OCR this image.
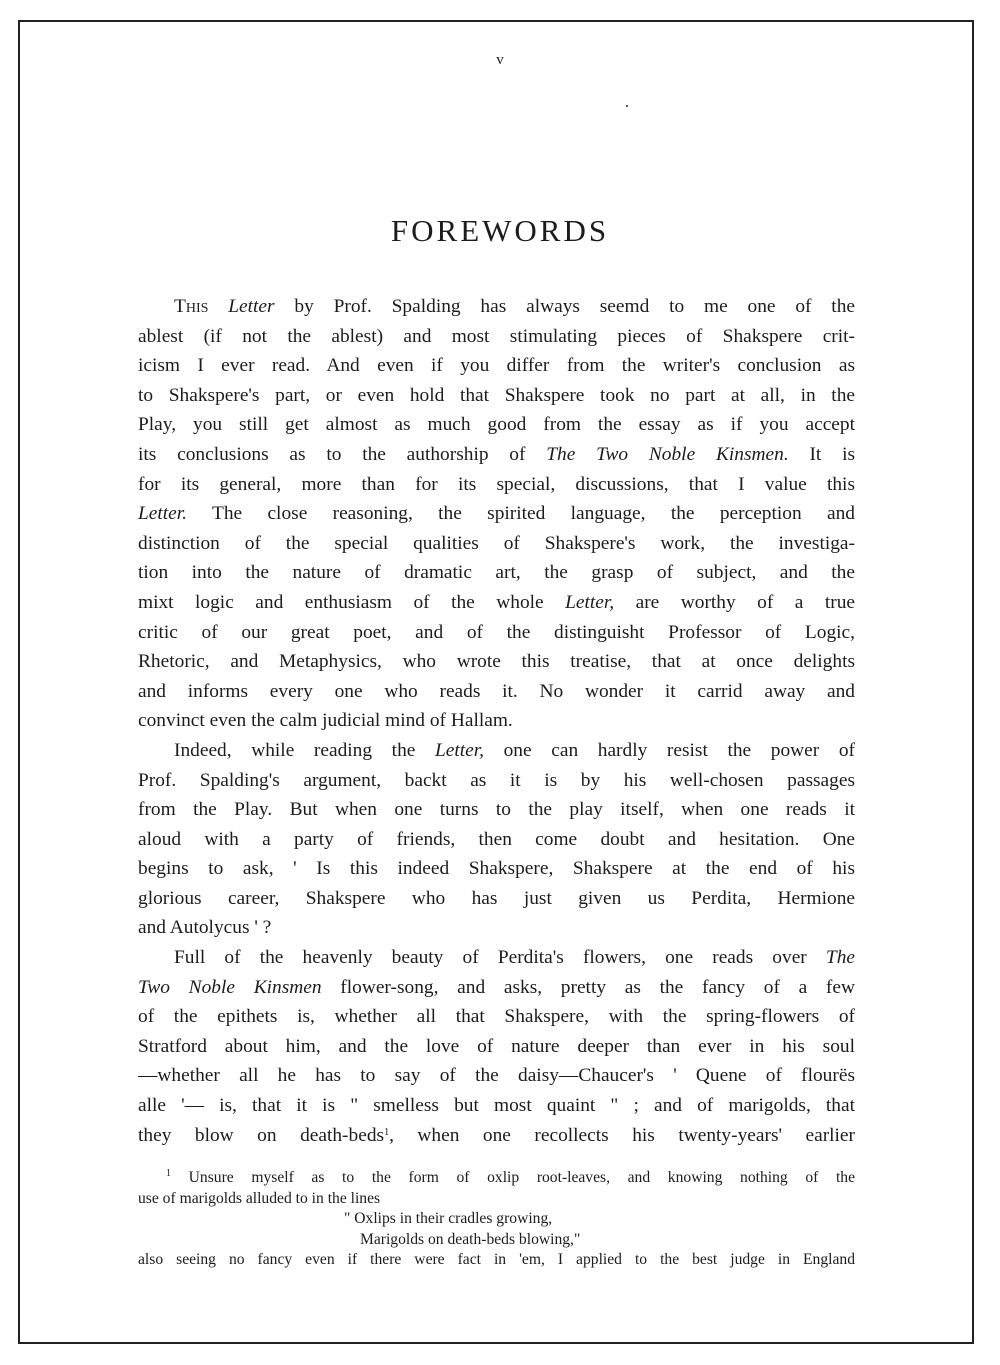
v
FOREWORDS
This Letter by Prof. Spalding has always seemd to me one of the
ablest (if not the ablest) and most stimulating pieces of Shakspere crit-
icism I ever read. And even if you differ from the writer's conclusion as
to Shakspere's part, or even hold that Shakspere took no part at all, in the
Play, you still get almost as much good from the essay as if you accept
its conclusions as to the authorship of The Two Noble Kinsmen. It is
for its general, more than for its special, discussions, that I value this
Letter. The close reasoning, the spirited language, the perception and
distinction of the special qualities of Shakspere's work, the investiga-
tion into the nature of dramatic art, the grasp of subject, and the
mixt logic and enthusiasm of the whole Letter, are worthy of a true
critic of our great poet, and of the distinguisht Professor of Logic,
Rhetoric, and Metaphysics, who wrote this treatise, that at once delights
and informs every one who reads it. No wonder it carrid away and
convinct even the calm judicial mind of Hallam.
Indeed, while reading the Letter, one can hardly resist the power of
Prof. Spalding's argument, backt as it is by his well-chosen passages
from the Play. But when one turns to the play itself, when one reads it
aloud with a party of friends, then come doubt and hesitation. One
begins to ask, ' Is this indeed Shakspere, Shakspere at the end of his
glorious career, Shakspere who has just given us Perdita, Hermione
and Autolycus ' ?
Full of the heavenly beauty of Perdita's flowers, one reads over The
Two Noble Kinsmen flower-song, and asks, pretty as the fancy of a few
of the epithets is, whether all that Shakspere, with the spring-flowers of
Stratford about him, and the love of nature deeper than ever in his soul
—whether all he has to say of the daisy—Chaucer's ' Quene of flourës
alle '— is, that it is " smelless but most quaint " ; and of marigolds, that
they blow on death-beds$^1$, when one recollects his twenty-years' earlier
$^1$ Unsure myself as to the form of oxlip root-leaves, and knowing nothing of the
use of marigolds alluded to in the lines
" Oxlips in their cradles growing,
Marigolds on death-beds blowing,"
also seeing no fancy even if there were fact in 'em, I applied to the best judge in England
